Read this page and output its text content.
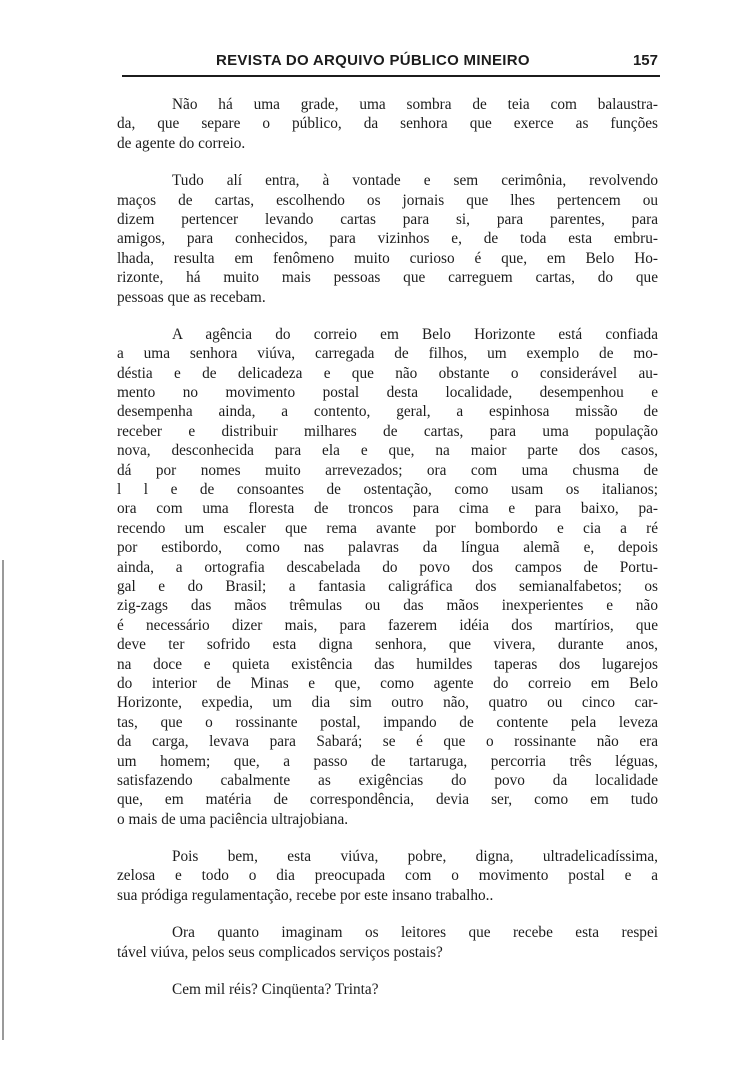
REVISTA DO ARQUIVO PÚBLICO MINEIRO	157
Não há uma grade, uma sombra de teia com balaustra-
da, que separe o público, da senhora que exerce as funções
de agente do correio.
Tudo alí entra, à vontade e sem cerimônia, revolvendo
maços de cartas, escolhendo os jornais que lhes pertencem ou
dizem pertencer levando cartas para si, para parentes, para
amigos, para conhecidos, para vizinhos e, de toda esta embru-
lhada, resulta em fenômeno muito curioso é que, em Belo Ho-
rizonte, há muito mais pessoas que carreguem cartas, do que
pessoas que as recebam.
A agência do correio em Belo Horizonte está confiada
a uma senhora viúva, carregada de filhos, um exemplo de mo-
déstia e de delicadeza e que não obstante o considerável au-
mento no movimento postal desta localidade, desempenhou e
desempenha ainda, a contento, geral, a espinhosa missão de
receber e distribuir milhares de cartas, para uma população
nova, desconhecida para ela e que, na maior parte dos casos,
dá por nomes muito arrevezados; ora com uma chusma de
l l e de consoantes de ostentação, como usam os italianos;
ora com uma floresta de troncos para cima e para baixo, pa-
recendo um escaler que rema avante por bombordo e cia a ré
por estibordo, como nas palavras da língua alemã e, depois
ainda, a ortografia descabelada do povo dos campos de Portu-
gal e do Brasil; a fantasia caligráfica dos semianalfabetos; os
zig-zags das mãos trêmulas ou das mãos inexperientes e não
é necessário dizer mais, para fazerem idéia dos martírios, que
deve ter sofrido esta digna senhora, que vivera, durante anos,
na doce e quieta existência das humildes taperas dos lugarejos
do interior de Minas e que, como agente do correio em Belo
Horizonte, expedia, um dia sim outro não, quatro ou cinco car-
tas, que o rossinante postal, impando de contente pela leveza
da carga, levava para Sabará; se é que o rossinante não era
um homem; que, a passo de tartaruga, percorria três léguas,
satisfazendo cabalmente as exigências do povo da localidade
que, em matéria de correspondência, devia ser, como em tudo
o mais de uma paciência ultrajobiana.
Pois bem, esta viúva, pobre, digna, ultradelicadíssima,
zelosa e todo o dia preocupada com o movimento postal e a
sua pródiga regulamentação, recebe por este insano trabalho..
Ora quanto imaginam os leitores que recebe esta respei
tável viúva, pelos seus complicados serviços postais?
Cem mil réis? Cinqüenta? Trinta?
